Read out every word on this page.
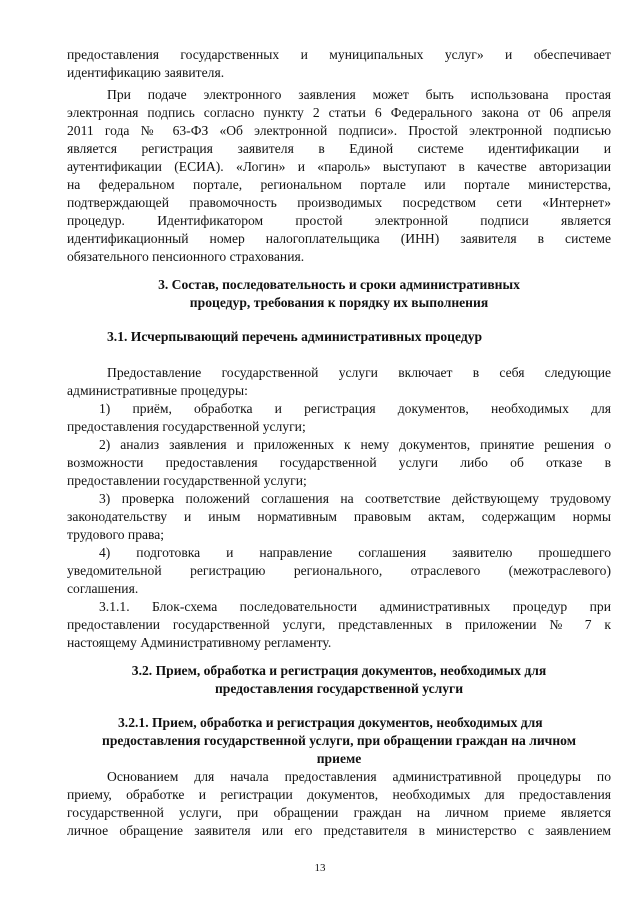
предоставления государственных и муниципальных услуг» и обеспечивает
идентификацию заявителя.
При подаче электронного заявления может быть использована простая
электронная подпись согласно пункту 2 статьи 6 Федерального закона от 06 апреля
2011 года № 63-ФЗ «Об электронной подписи». Простой электронной подписью
является регистрация заявителя в Единой системе идентификации и
аутентификации (ЕСИА). «Логин» и «пароль» выступают в качестве авторизации
на федеральном портале, региональном портале или портале министерства,
подтверждающей правомочность производимых посредством сети «Интернет»
процедур. Идентификатором простой электронной подписи является
идентификационный номер налогоплательщика (ИНН) заявителя в системе
обязательного пенсионного страхования.
3. Состав, последовательность и сроки административных
процедур, требования к порядку их выполнения
3.1. Исчерпывающий перечень административных процедур
Предоставление государственной услуги включает в себя следующие
административные процедуры:
1) приём, обработка и регистрация документов, необходимых для
предоставления государственной услуги;
2) анализ заявления и приложенных к нему документов, принятие решения о
возможности предоставления государственной услуги либо об отказе в
предоставлении государственной услуги;
3) проверка положений соглашения на соответствие действующему трудовому
законодательству и иным нормативным правовым актам, содержащим нормы
трудового права;
4) подготовка и направление соглашения заявителю прошедшего
уведомительной регистрацию регионального, отраслевого (межотраслевого)
соглашения.
3.1.1. Блок-схема последовательности административных процедур при
предоставлении государственной услуги, представленных в приложении № 7 к
настоящему Административному регламенту.
3.2. Прием, обработка и регистрация документов, необходимых для
предоставления государственной услуги
3.2.1. Прием, обработка и регистрация документов, необходимых для
предоставления государственной услуги, при обращении граждан на личном
приеме
Основанием для начала предоставления административной процедуры по
приему, обработке и регистрации документов, необходимых для предоставления
государственной услуги, при обращении граждан на личном приеме является
личное обращение заявителя или его представителя в министерство с заявлением
13
